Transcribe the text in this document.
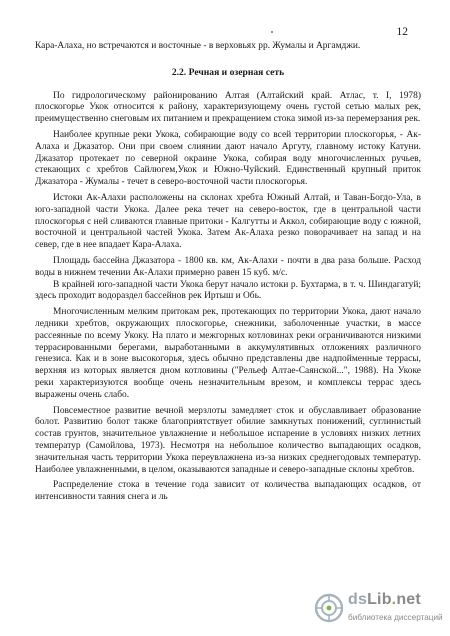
12

Кара-Алаха, но встречаются и восточные - в верховьях рр. Жумалы и Аргамджи.

2.2. Речная и озерная сеть

По гидрологическому районированию Алтая (Алтайский край. Атлас, т. I, 1978) плоскогорье Укок относится к району, характеризующему очень густой сетью малых рек, преимущественно снеговым их питанием и прекращением стока зимой из-за перемерзания рек.

Наиболее крупные реки Укока, собирающие воду со всей территории плоскогорья, - Ак-Алаха и Джазатор. Они при своем слиянии дают начало Аргуту, главному истоку Катуни. Джазатор протекает по северной окраине Укока, собирая воду многочисленных ручьев, стекающих с хребтов Сайлюгем,Укок и Южно-Чуйский. Единственный крупный приток Джазатора - Жумалы - течет в северо-восточной части плоскогорья.

Истоки Ак-Алахи расположены на склонах хребта Южный Алтай, и Таван-Богдо-Ула, в юго-западной части Укока. Далее река течет на северо-восток, где в центральной части плоскогорья с ней сливаются главные притоки - Калгутты и Аккол, собирающие воду с южной, восточной и центральной частей Укока. Затем Ак-Алаха резко поворачивает на запад и на север, где в нее впадает Кара-Алаха.

Площадь бассейна Джазатора - 1800 кв. км, Ак-Алахи - почти в два раза больше. Расход воды в нижнем течении Ак-Алахи примерно равен 15 куб. м/с.

В крайней юго-западной части Укока берут начало истоки р. Бухтарма, в т. ч. Шиндагатуй; здесь проходит водораздел бассейнов рек Иртыш и Обь.

Многочисленным мелким притокам рек, протекающих по территории Укока, дают начало ледники хребтов, окружающих плоскогорье, снежники, заболоченные участки, в массе рассеянные по всему Укоку. На плато и межгорных котловинах реки ограничиваются низкими террасированными берегами, выработанными в аккумулятивных отложениях различного генезиса. Как и в зоне высокогорья, здесь обычно представлены две надпойменные террасы, верхняя из которых является дном котловины ("Рельеф Алтае-Саянской...", 1988). На Укоке реки характеризуются вообще очень незначительным врезом, и комплексы террас здесь выражены очень слабо.

Повсеместное развитие вечной мерзлоты замедляет сток и обуславливает образование болот. Развитию болот также благоприятствует обилие замкнутых понижений, суглинистый состав грунтов, значительное увлажнение и небольшое испарение в условиях низких летних температур (Самойлова, 1973). Несмотря на небольшое количество выпадающих осадков, значительная часть территории Укока переувлажнена из-за низких среднегодовых температур. Наиболее увлажненными, в целом, оказываются западные и северо-западные склоны хребтов.

Распределение стока в течение года зависит от количества выпадающих осадков, от интенсивности таяния снега и ль

dsLib.net
библиотека диссертаций
